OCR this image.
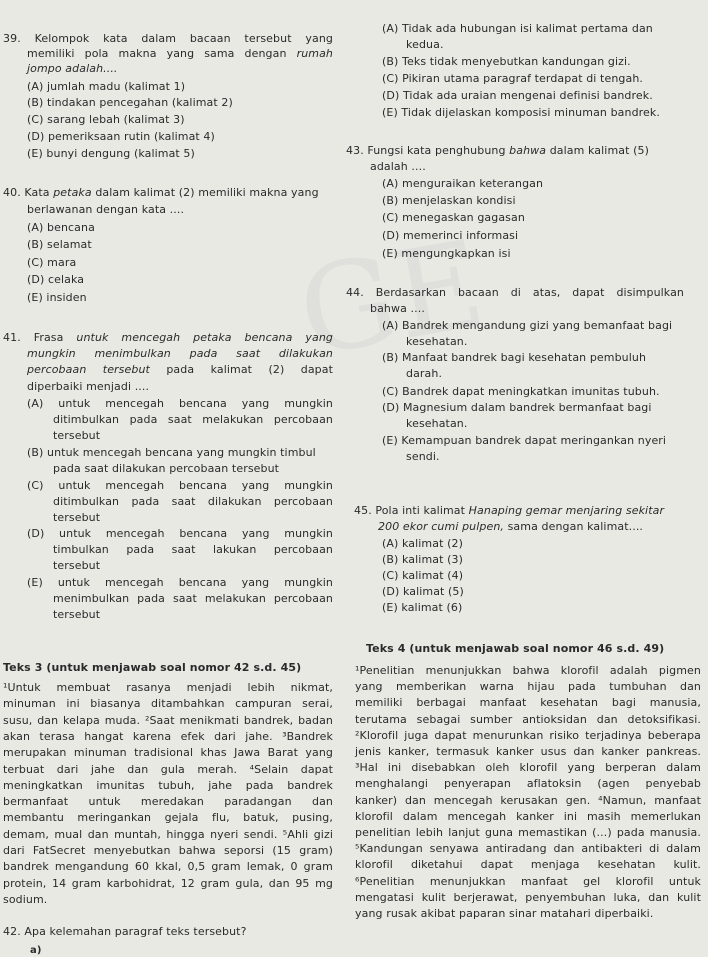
39. Kelompok kata dalam bacaan tersebut yang
memiliki pola makna yang sama dengan rumah
jompo adalah....
(A) jumlah madu (kalimat 1)
(B) tindakan pencegahan (kalimat 2)
(C) sarang lebah (kalimat 3)
(D) pemeriksaan rutin (kalimat 4)
(E) bunyi dengung (kalimat 5)
40. Kata petaka dalam kalimat (2) memiliki makna yang
berlawanan dengan kata ....
(A) bencana
(B) selamat
(C) mara
(D) celaka
(E) insiden
41. Frasa untuk mencegah petaka bencana yang
mungkin menimbulkan pada saat dilakukan
percobaan tersebut pada kalimat (2) dapat
diperbaiki menjadi ....
(A) untuk mencegah bencana yang mungkin
ditimbulkan pada saat melakukan percobaan
tersebut
(B) untuk mencegah bencana yang mungkin timbul
pada saat dilakukan percobaan tersebut
(C) untuk mencegah bencana yang mungkin
ditimbulkan pada saat dilakukan percobaan
tersebut
(D) untuk mencegah bencana yang mungkin
timbulkan pada saat lakukan percobaan
tersebut
(E) untuk mencegah bencana yang mungkin
menimbulkan pada saat melakukan percobaan
tersebut
Teks 3 (untuk menjawab soal nomor 42 s.d. 45)
¹Untuk membuat rasanya menjadi lebih nikmat,
minuman ini biasanya ditambahkan campuran serai,
susu, dan kelapa muda. ²Saat menikmati bandrek, badan
akan terasa hangat karena efek dari jahe. ³Bandrek
merupakan minuman tradisional khas Jawa Barat yang
terbuat dari jahe dan gula merah. ⁴Selain dapat
meningkatkan imunitas tubuh, jahe pada bandrek
bermanfaat untuk meredakan paradangan dan
membantu meringankan gejala flu, batuk, pusing,
demam, mual dan muntah, hingga nyeri sendi. ⁵Ahli gizi
dari FatSecret menyebutkan bahwa seporsi (15 gram)
bandrek mengandung 60 kkal, 0,5 gram lemak, 0 gram
protein, 14 gram karbohidrat, 12 gram gula, dan 95 mg
sodium.
42. Apa kelemahan paragraf teks tersebut?
a)
(A) Tidak ada hubungan isi kalimat pertama dan
kedua.
(B) Teks tidak menyebutkan kandungan gizi.
(C) Pikiran utama paragraf terdapat di tengah.
(D) Tidak ada uraian mengenai definisi bandrek.
(E) Tidak dijelaskan komposisi minuman bandrek.
43. Fungsi kata penghubung bahwa dalam kalimat (5)
adalah ....
(A) menguraikan keterangan
(B) menjelaskan kondisi
(C) menegaskan gagasan
(D) memerinci informasi
(E) mengungkapkan isi
44. Berdasarkan bacaan di atas, dapat disimpulkan
bahwa ....
(A) Bandrek mengandung gizi yang bemanfaat bagi
kesehatan.
(B) Manfaat bandrek bagi kesehatan pembuluh
darah.
(C) Bandrek dapat meningkatkan imunitas tubuh.
(D) Magnesium dalam bandrek bermanfaat bagi
kesehatan.
(E) Kemampuan bandrek dapat meringankan nyeri
sendi.
45. Pola inti kalimat Hanaping gemar menjaring sekitar
200 ekor cumi pulpen, sama dengan kalimat....
(A) kalimat (2)
(B) kalimat (3)
(C) kalimat (4)
(D) kalimat (5)
(E) kalimat (6)
Teks 4 (untuk menjawab soal nomor 46 s.d. 49)
¹Penelitian menunjukkan bahwa klorofil adalah pigmen
yang memberikan warna hijau pada tumbuhan dan
memiliki berbagai manfaat kesehatan bagi manusia,
terutama sebagai sumber antioksidan dan detoksifikasi.
²Klorofil juga dapat menurunkan risiko terjadinya beberapa
jenis kanker, termasuk kanker usus dan kanker pankreas.
³Hal ini disebabkan oleh klorofil yang berperan dalam
menghalangi penyerapan aflatoksin (agen penyebab
kanker) dan mencegah kerusakan gen. ⁴Namun, manfaat
klorofil dalam mencegah kanker ini masih memerlukan
penelitian lebih lanjut guna memastikan (...) pada manusia.
⁵Kandungan senyawa antiradang dan antibakteri di dalam
klorofil diketahui dapat menjaga kesehatan kulit.
⁶Penelitian menunjukkan manfaat gel klorofil untuk
mengatasi kulit berjerawat, penyembuhan luka, dan kulit
yang rusak akibat paparan sinar matahari diperbaiki.
